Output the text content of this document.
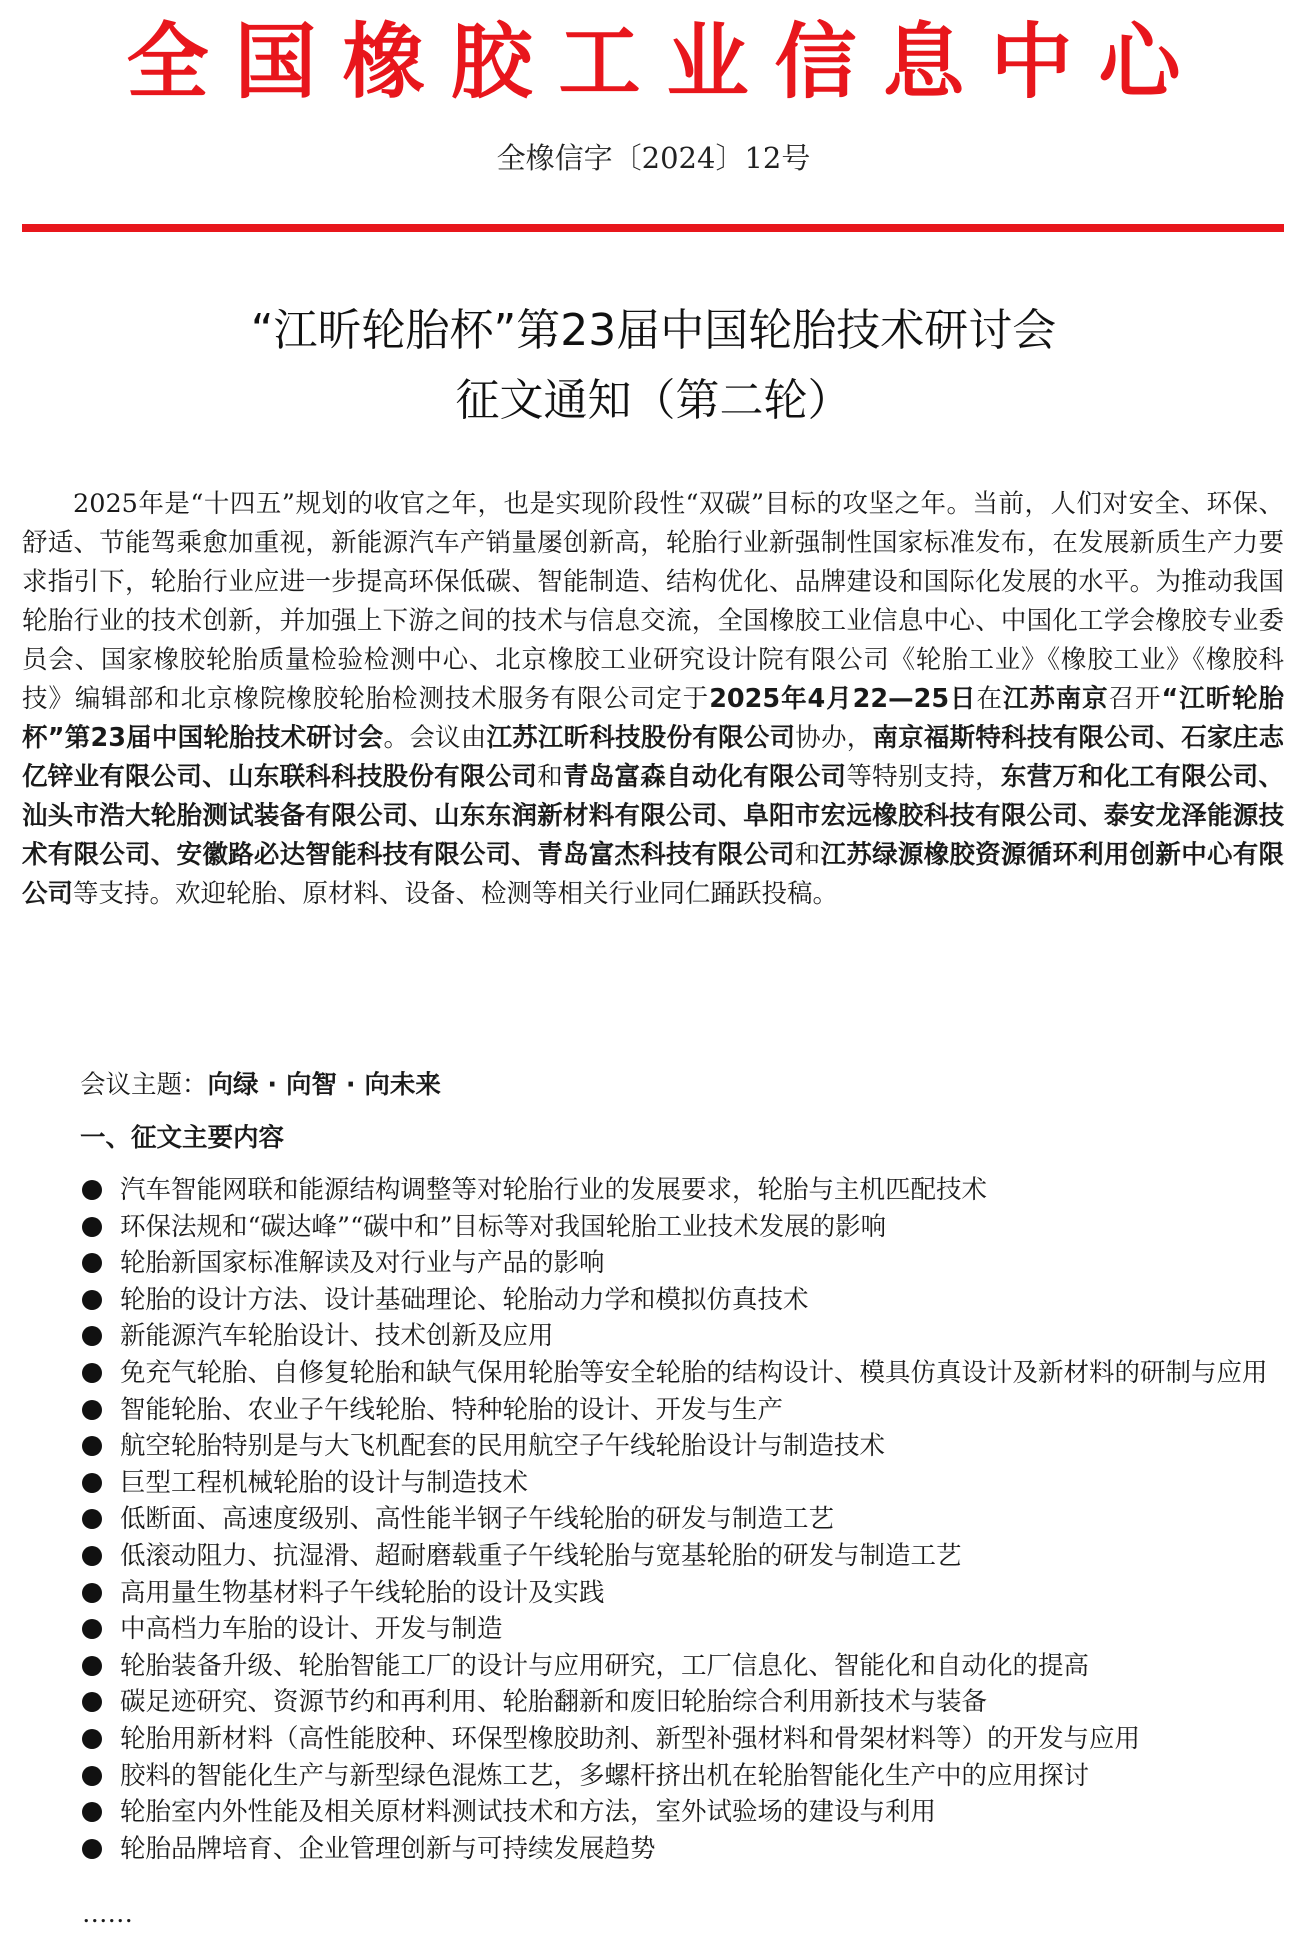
全国橡胶工业信息中心
全橡信字〔2024〕12号
“江昕轮胎杯”第23届中国轮胎技术研讨会
征文通知（第二轮）

2025年是“十四五”规划的收官之年，也是实现阶段性“双碳”目标的攻坚之年。当前，人们对安全、环保、舒适、节能驾乘愈加重视，新能源汽车产销量屡创新高，轮胎行业新强制性国家标准发布，在发展新质生产力要求指引下，轮胎行业应进一步提高环保低碳、智能制造、结构优化、品牌建设和国际化发展的水平。为推动我国轮胎行业的技术创新，并加强上下游之间的技术与信息交流，全国橡胶工业信息中心、中国化工学会橡胶专业委员会、国家橡胶轮胎质量检验检测中心、北京橡胶工业研究设计院有限公司《轮胎工业》《橡胶工业》《橡胶科技》编辑部和北京橡院橡胶轮胎检测技术服务有限公司定于2025年4月22—25日在江苏南京召开“江昕轮胎杯”第23届中国轮胎技术研讨会。会议由江苏江昕科技股份有限公司协办，南京福斯特科技有限公司、石家庄志亿锌业有限公司、山东联科科技股份有限公司和青岛富森自动化有限公司等特别支持，东营万和化工有限公司、汕头市浩大轮胎测试装备有限公司、山东东润新材料有限公司、阜阳市宏远橡胶科技有限公司、泰安龙泽能源技术有限公司、安徽路必达智能科技有限公司、青岛富杰科技有限公司和江苏绿源橡胶资源循环利用创新中心有限公司等支持。欢迎轮胎、原材料、设备、检测等相关行业同仁踊跃投稿。

会议主题：向绿 · 向智 · 向未来
一、征文主要内容
汽车智能网联和能源结构调整等对轮胎行业的发展要求，轮胎与主机匹配技术
环保法规和“碳达峰”“碳中和”目标等对我国轮胎工业技术发展的影响
轮胎新国家标准解读及对行业与产品的影响
轮胎的设计方法、设计基础理论、轮胎动力学和模拟仿真技术
新能源汽车轮胎设计、技术创新及应用
免充气轮胎、自修复轮胎和缺气保用轮胎等安全轮胎的结构设计、模具仿真设计及新材料的研制与应用
智能轮胎、农业子午线轮胎、特种轮胎的设计、开发与生产
航空轮胎特别是与大飞机配套的民用航空子午线轮胎设计与制造技术
巨型工程机械轮胎的设计与制造技术
低断面、高速度级别、高性能半钢子午线轮胎的研发与制造工艺
低滚动阻力、抗湿滑、超耐磨载重子午线轮胎与宽基轮胎的研发与制造工艺
高用量生物基材料子午线轮胎的设计及实践
中高档力车胎的设计、开发与制造
轮胎装备升级、轮胎智能工厂的设计与应用研究，工厂信息化、智能化和自动化的提高
碳足迹研究、资源节约和再利用、轮胎翻新和废旧轮胎综合利用新技术与装备
轮胎用新材料（高性能胶种、环保型橡胶助剂、新型补强材料和骨架材料等）的开发与应用
胶料的智能化生产与新型绿色混炼工艺，多螺杆挤出机在轮胎智能化生产中的应用探讨
轮胎室内外性能及相关原材料测试技术和方法，室外试验场的建设与利用
轮胎品牌培育、企业管理创新与可持续发展趋势
……
